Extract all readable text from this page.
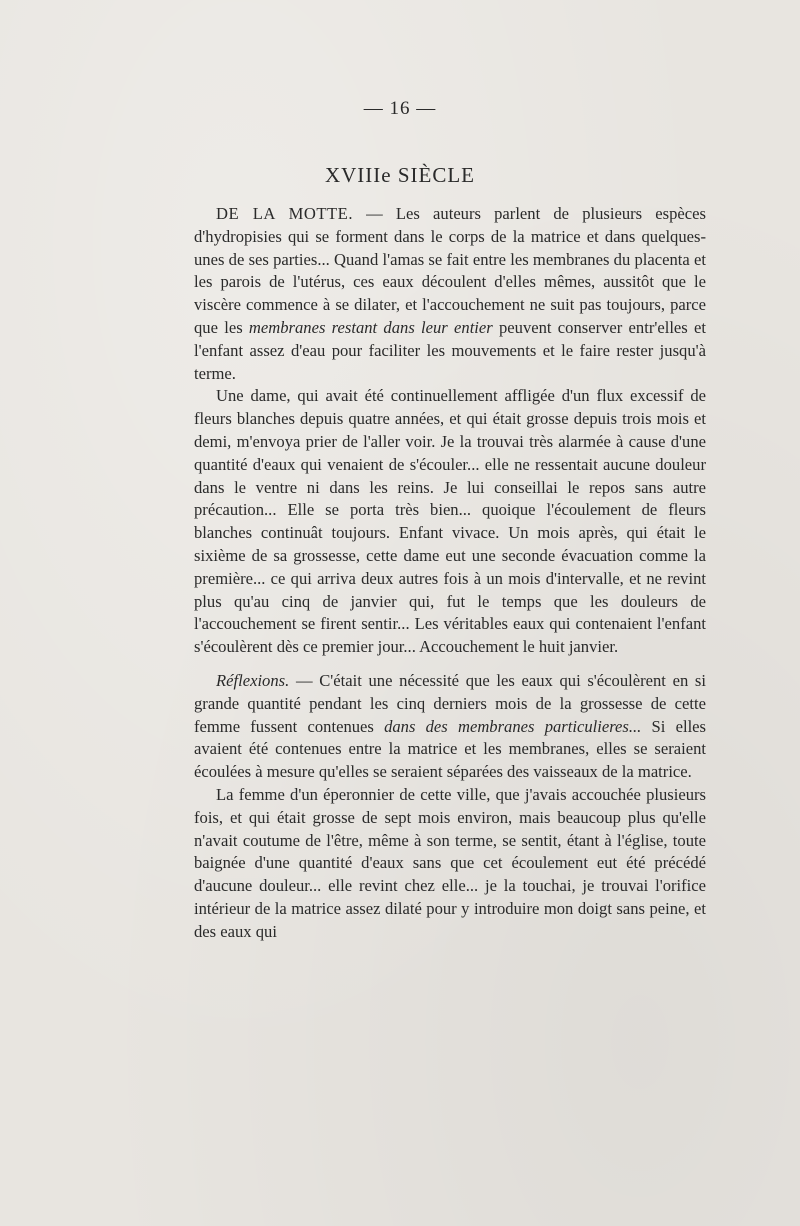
— 16 —
XVIIIe SIÈCLE

DE LA MOTTE. — Les auteurs parlent de plusieurs espèces d'hydropisies qui se forment dans le corps de la matrice et dans quelques-unes de ses parties... Quand l'amas se fait entre les membranes du placenta et les parois de l'utérus, ces eaux découlent d'elles mêmes, aussitôt que le viscère commence à se dilater, et l'accouchement ne suit pas toujours, parce que les membranes restant dans leur entier peuvent conserver entr'elles et l'enfant assez d'eau pour faciliter les mouvements et le faire rester jusqu'à terme.

Une dame, qui avait été continuellement affligée d'un flux excessif de fleurs blanches depuis quatre années, et qui était grosse depuis trois mois et demi, m'envoya prier de l'aller voir. Je la trouvai très alarmée à cause d'une quantité d'eaux qui venaient de s'écouler... elle ne ressentait aucune douleur dans le ventre ni dans les reins. Je lui conseillai le repos sans autre précaution... Elle se porta très bien... quoique l'écoulement de fleurs blanches continuât toujours. Enfant vivace. Un mois après, qui était le sixième de sa grossesse, cette dame eut une seconde évacuation comme la première... ce qui arriva deux autres fois à un mois d'intervalle, et ne revint plus qu'au cinq de janvier qui, fut le temps que les douleurs de l'accouchement se firent sentir... Les véritables eaux qui contenaient l'enfant s'écoulèrent dès ce premier jour... Accouchement le huit janvier.

Réflexions. — C'était une nécessité que les eaux qui s'écoulèrent en si grande quantité pendant les cinq derniers mois de la grossesse de cette femme fussent contenues dans des membranes particulieres... Si elles avaient été contenues entre la matrice et les membranes, elles se seraient écoulées à mesure qu'elles se seraient séparées des vaisseaux de la matrice.

La femme d'un éperonnier de cette ville, que j'avais accouchée plusieurs fois, et qui était grosse de sept mois environ, mais beaucoup plus qu'elle n'avait coutume de l'être, même à son terme, se sentit, étant à l'église, toute baignée d'une quantité d'eaux sans que cet écoulement eut été précédé d'aucune douleur... elle revint chez elle... je la touchai, je trouvai l'orifice intérieur de la matrice assez dilaté pour y introduire mon doigt sans peine, et des eaux qui
